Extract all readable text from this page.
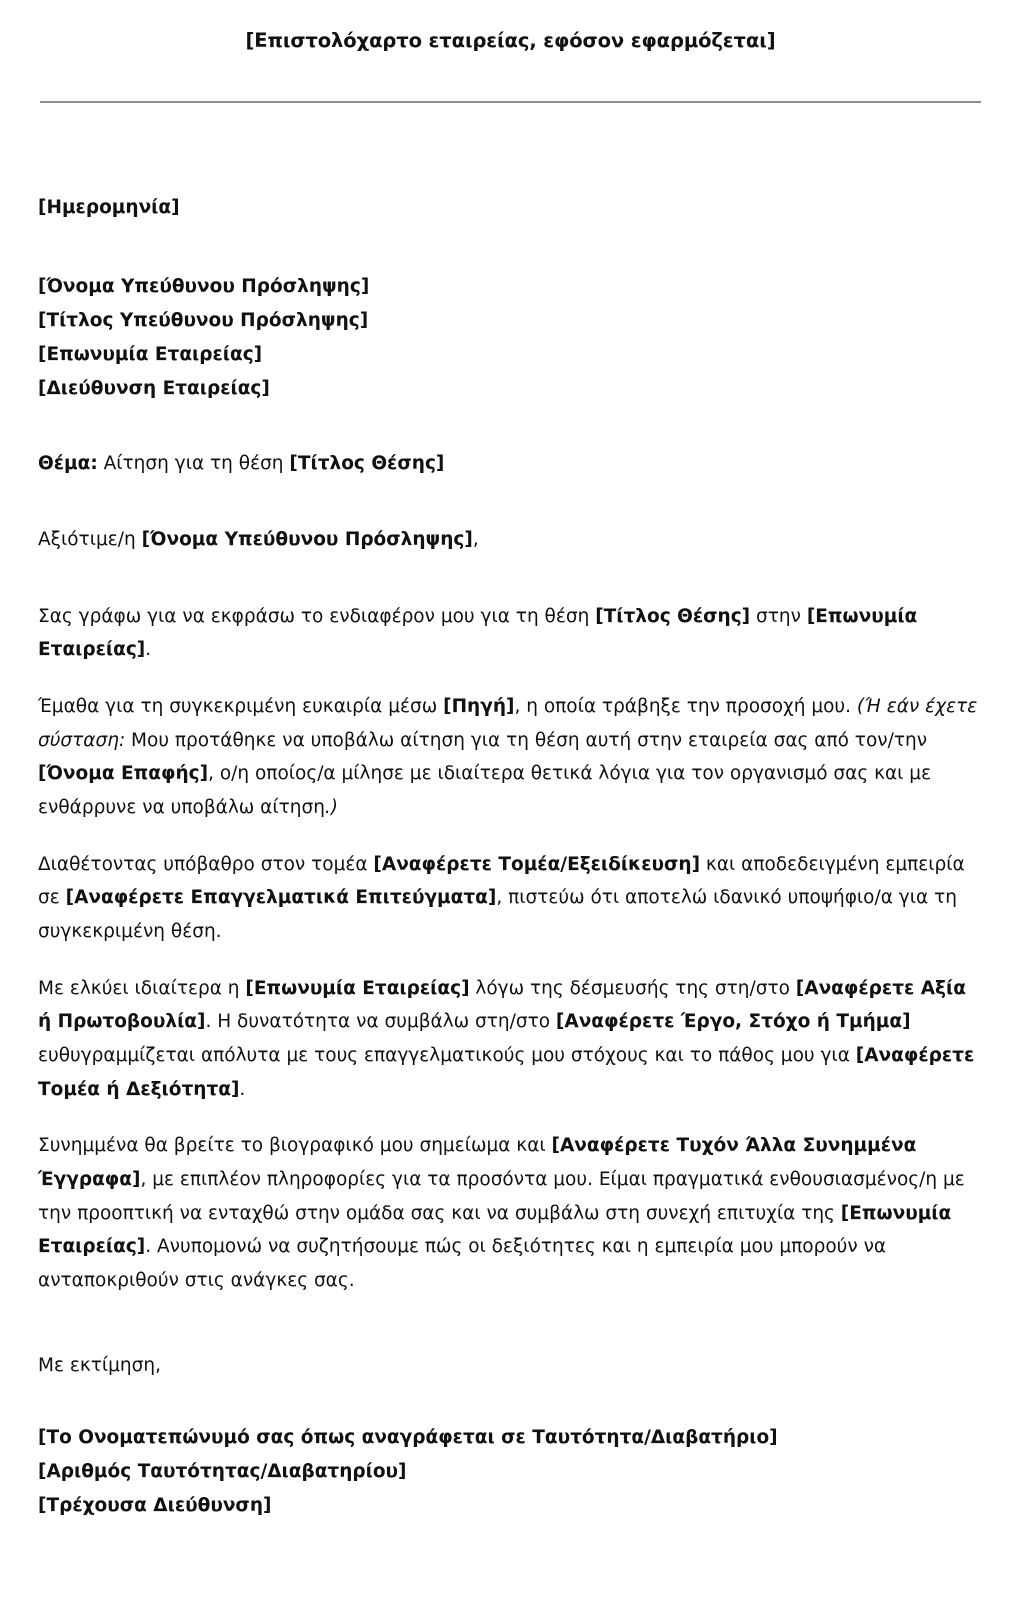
[Επιστολόχαρτο εταιρείας, εφόσον εφαρμόζεται]
[Ημερομηνία]
[Όνομα Υπεύθυνου Πρόσληψης]
[Τίτλος Υπεύθυνου Πρόσληψης]
[Επωνυμία Εταιρείας]
[Διεύθυνση Εταιρείας]
Θέμα: Αίτηση για τη θέση [Τίτλος Θέσης]
Αξιότιμε/η [Όνομα Υπεύθυνου Πρόσληψης],

Σας γράφω για να εκφράσω το ενδιαφέρον μου για τη θέση [Τίτλος Θέσης] στην [Επωνυμία Εταιρείας].

Έμαθα για τη συγκεκριμένη ευκαιρία μέσω [Πηγή], η οποία τράβηξε την προσοχή μου. (Ή εάν έχετε σύσταση: Μου προτάθηκε να υποβάλω αίτηση για τη θέση αυτή στην εταιρεία σας από τον/την [Όνομα Επαφής], ο/η οποίος/α μίλησε με ιδιαίτερα θετικά λόγια για τον οργανισμό σας και με ενθάρρυνε να υποβάλω αίτηση.)

Διαθέτοντας υπόβαθρο στον τομέα [Αναφέρετε Τομέα/Εξειδίκευση] και αποδεδειγμένη εμπειρία σε [Αναφέρετε Επαγγελματικά Επιτεύγματα], πιστεύω ότι αποτελώ ιδανικό υποψήφιο/α για τη συγκεκριμένη θέση.

Με ελκύει ιδιαίτερα η [Επωνυμία Εταιρείας] λόγω της δέσμευσής της στη/στο [Αναφέρετε Αξία ή Πρωτοβουλία]. Η δυνατότητα να συμβάλω στη/στο [Αναφέρετε Έργο, Στόχο ή Τμήμα] ευθυγραμμίζεται απόλυτα με τους επαγγελματικούς μου στόχους και το πάθος μου για [Αναφέρετε Τομέα ή Δεξιότητα].

Συνημμένα θα βρείτε το βιογραφικό μου σημείωμα και [Αναφέρετε Τυχόν Άλλα Συνημμένα Έγγραφα], με επιπλέον πληροφορίες για τα προσόντα μου. Είμαι πραγματικά ενθουσιασμένος/η με την προοπτική να ενταχθώ στην ομάδα σας και να συμβάλω στη συνεχή επιτυχία της [Επωνυμία Εταιρείας]. Ανυπομονώ να συζητήσουμε πώς οι δεξιότητες και η εμπειρία μου μπορούν να ανταποκριθούν στις ανάγκες σας.

Με εκτίμηση,
[Το Ονοματεπώνυμό σας όπως αναγράφεται σε Ταυτότητα/Διαβατήριο]
[Αριθμός Ταυτότητας/Διαβατηρίου]
[Τρέχουσα Διεύθυνση]
